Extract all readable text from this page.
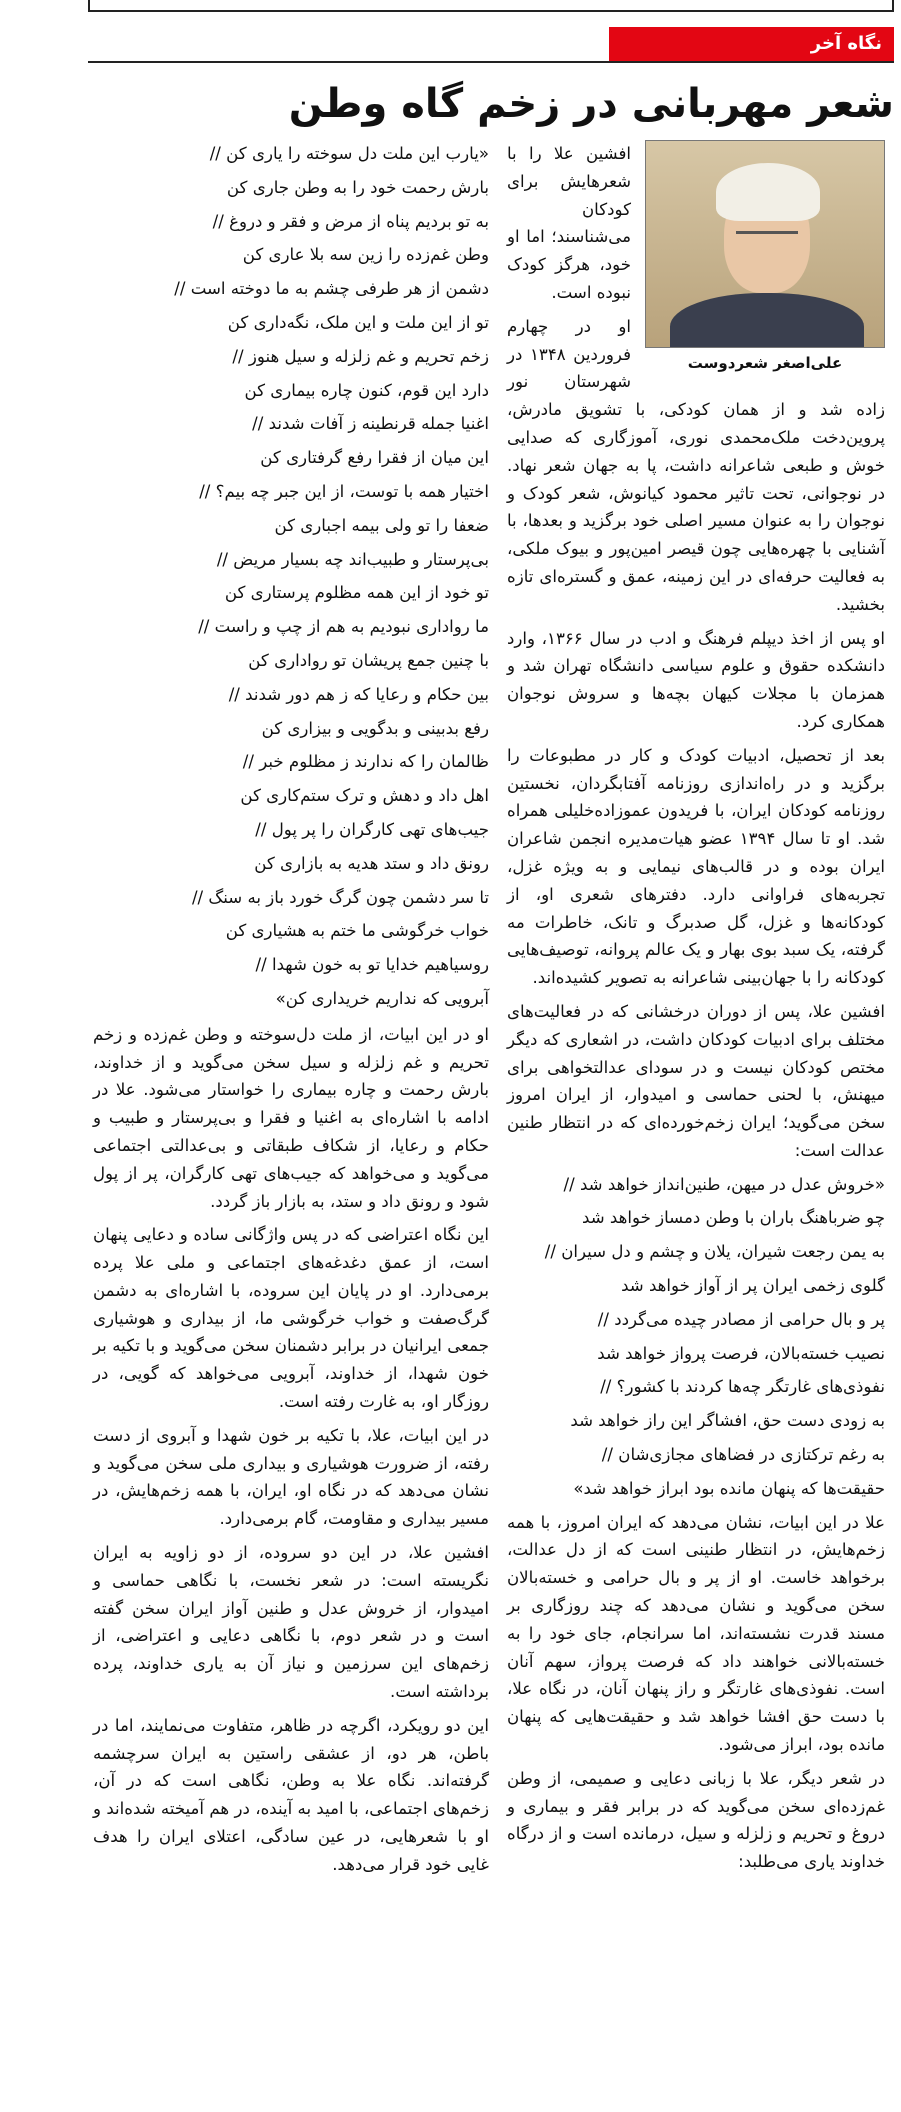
نگاه آخر
شعر مهربانی در زخم گاه وطن
علی‌اصغر شعردوست

افشین علا را با شعرهایش برای کودکان می‌شناسند؛ اما او خود، هرگز کودک نبوده است.

او در چهارم فروردین ۱۳۴۸ در شهرستان نور زاده شد و از همان کودکی، با تشویق مادرش، پروین‌دخت ملک‌محمدی نوری، آموزگاری که صدایی خوش و طبعی شاعرانه داشت، پا به جهان شعر نهاد. در نوجوانی، تحت تاثیر محمود کیانوش، شعر کودک و نوجوان را به عنوان مسیر اصلی خود برگزید و بعدها، با آشنایی با چهره‌هایی چون قیصر امین‌پور و بیوک ملکی، به فعالیت حرفه‌ای در این زمینه، عمق و گستره‌ای تازه بخشید.

او پس از اخذ دیپلم فرهنگ و ادب در سال ۱۳۶۶، وارد دانشکده حقوق و علوم سیاسی دانشگاه تهران شد و همزمان با مجلات کیهان بچه‌ها و سروش نوجوان همکاری کرد.

بعد از تحصیل، ادبیات کودک و کار در مطبوعات را برگزید و در راه‌اندازی روزنامه آفتابگردان، نخستین روزنامه کودکان ایران، با فریدون عموزاده‌خلیلی همراه شد. او تا سال ۱۳۹۴ عضو هیات‌مدیره انجمن شاعران ایران بوده و در قالب‌های نیمایی و به ویژه غزل، تجربه‌های فراوانی دارد. دفترهای شعری او، از کودکانه‌ها و غزل، گل صدبرگ و تانک، خاطرات مه گرفته، یک سبد بوی بهار و یک عالم پروانه، توصیف‌هایی کودکانه را با جهان‌بینی شاعرانه به تصویر کشیده‌اند.

افشین علا، پس از دوران درخشانی که در فعالیت‌های مختلف برای ادبیات کودکان داشت، در اشعاری که دیگر مختص کودکان نیست و در سودای عدالتخواهی برای میهنش، با لحنی حماسی و امیدوار، از ایران امروز سخن می‌گوید؛ ایران زخم‌خورده‌ای که در انتظار طنین عدالت است:

«خروش عدل در میهن، طنین‌انداز خواهد شد //

چو ضرباهنگ باران با وطن دمساز خواهد شد

به یمن رجعت شیران، یلان و چشم و دل سیران //

گلوی زخمی ایران پر از آواز خواهد شد

پر و بال حرامی از مصادر چیده می‌گردد //

نصیب خسته‌بالان، فرصت پرواز خواهد شد

نفوذی‌های غارتگر چه‌ها کردند با کشور؟ //

به زودی دست حق، افشاگر این راز خواهد شد

به رغم ترکتازی در فضاهای مجازی‌شان //

حقیقت‌ها که پنهان مانده بود ابراز خواهد شد»

علا در این ابیات، نشان می‌دهد که ایران امروز، با همه زخم‌هایش، در انتظار طنینی است که از دل عدالت، برخواهد خاست. او از پر و بال حرامی و خسته‌بالان سخن می‌گوید و نشان می‌دهد که چند روزگاری بر مسند قدرت نشسته‌اند، اما سرانجام، جای خود را به خسته‌بالانی خواهند داد که فرصت پرواز، سهم آنان است. نفوذی‌های غارتگر و راز پنهان آنان، در نگاه علا، با دست حق افشا خواهد شد و حقیقت‌هایی که پنهان مانده بود، ابراز می‌شود.

در شعر دیگر، علا با زبانی دعایی و صمیمی، از وطن غم‌زده‌ای سخن می‌گوید که در برابر فقر و بیماری و دروغ و تحریم و زلزله و سیل، درمانده است و از درگاه خداوند یاری می‌طلبد:

«یارب این ملت دل سوخته را یاری کن //

بارش رحمت خود را به وطن جاری کن

به تو بردیم پناه از مرض و فقر و دروغ //

وطن غم‌زده را زین سه بلا عاری کن

دشمن از هر طرفی چشم به ما دوخته است //

تو از این ملت و این ملک، نگه‌داری کن

زخم تحریم و غم زلزله و سیل هنوز //

دارد این قوم، کنون چاره بیماری کن

اغنیا جمله قرنطینه ز آفات شدند //

این میان از فقرا رفع گرفتاری کن

اختیار همه با توست، از این جبر چه بیم؟ //

ضعفا را تو ولی بیمه اجباری کن

بی‌پرستار و طبیب‌اند چه بسیار مریض //

تو خود از این همه مظلوم پرستاری کن

ما رواداری نبودیم به هم از چپ و راست //

با چنین جمع پریشان تو رواداری کن

بین حکام و رعایا که ز هم دور شدند //

رفع بدبینی و بدگویی و بیزاری کن

ظالمان را که ندارند ز مظلوم خبر //

اهل داد و دهش و ترک ستم‌کاری کن

جیب‌های تهی کارگران را پر پول //

رونق داد و ستد هدیه به بازاری کن

تا سر دشمن چون گرگ خورد باز به سنگ //

خواب خرگوشی ما ختم به هشیاری کن

روسیاهیم خدایا تو به خون شهدا //

آبرویی که نداریم خریداری کن»

او در این ابیات، از ملت دل‌سوخته و وطن غم‌زده و زخم تحریم و غم زلزله و سیل سخن می‌گوید و از خداوند، بارش رحمت و چاره بیماری را خواستار می‌شود. علا در ادامه با اشاره‌ای به اغنیا و فقرا و بی‌پرستار و طبیب و حکام و رعایا، از شکاف طبقاتی و بی‌عدالتی اجتماعی می‌گوید و می‌خواهد که جیب‌های تهی کارگران، پر از پول شود و رونق داد و ستد، به بازار باز گردد.

این نگاه اعتراضی که در پس واژگانی ساده و دعایی پنهان است، از عمق دغدغه‌های اجتماعی و ملی علا پرده برمی‌دارد. او در پایان این سروده، با اشاره‌ای به دشمن گرگ‌صفت و خواب خرگوشی ما، از بیداری و هوشیاری جمعی ایرانیان در برابر دشمنان سخن می‌گوید و با تکیه بر خون شهدا، از خداوند، آبرویی می‌خواهد که گویی، در روزگار او، به غارت رفته است.

در این ابیات، علا، با تکیه بر خون شهدا و آبروی از دست رفته، از ضرورت هوشیاری و بیداری ملی سخن می‌گوید و نشان می‌دهد که در نگاه او، ایران، با همه زخم‌هایش، در مسیر بیداری و مقاومت، گام برمی‌دارد.

افشین علا، در این دو سروده، از دو زاویه به ایران نگریسته است: در شعر نخست، با نگاهی حماسی و امیدوار، از خروش عدل و طنین آواز ایران سخن گفته است و در شعر دوم، با نگاهی دعایی و اعتراضی، از زخم‌های این سرزمین و نیاز آن به یاری خداوند، پرده برداشته است.

این دو رویکرد، اگرچه در ظاهر، متفاوت می‌نمایند، اما در باطن، هر دو، از عشقی راستین به ایران سرچشمه گرفته‌اند. نگاه علا به وطن، نگاهی است که در آن، زخم‌های اجتماعی، با امید به آینده، در هم آمیخته شده‌اند و او با شعرهایی، در عین سادگی، اعتلای ایران را هدف غایی خود قرار می‌دهد.
